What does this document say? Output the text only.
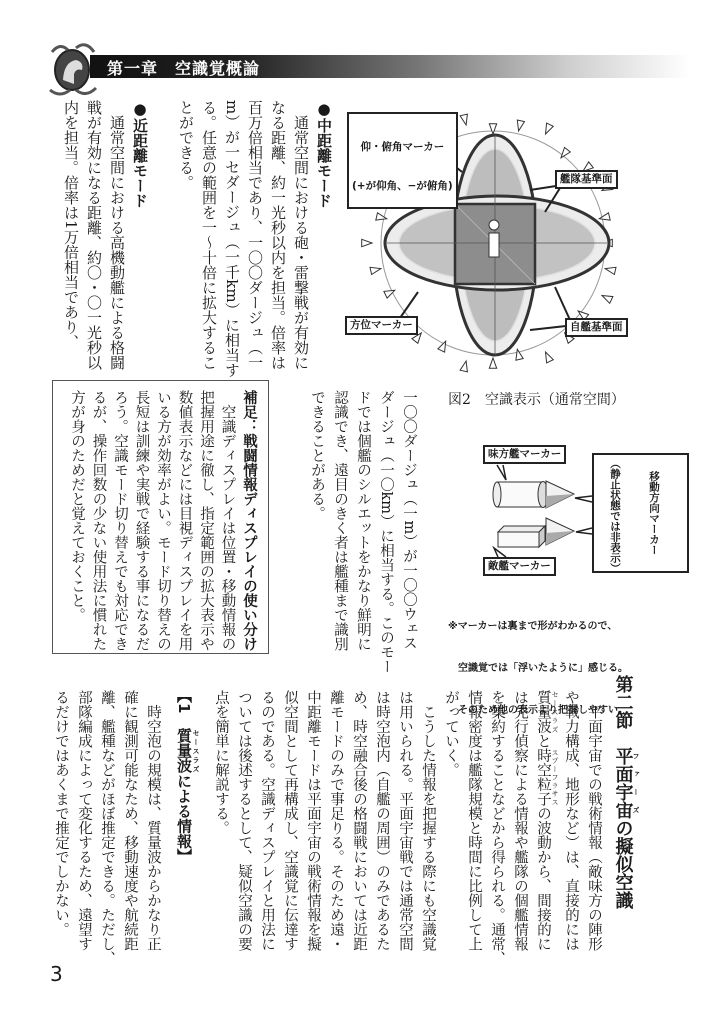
第一章　空識覚概論
●中距離モード
　通常空間における砲・雷撃戦が有効に
なる距離、約一光秒以内を担当。倍率は
百万倍相当であり、一〇〇ダージュ（一
m）が一セダージュ（一千km）に相当す
る。任意の範囲を一～十倍に拡大するこ
とができる。

●近距離モード
　通常空間における高機動艦による格闘
戦が有効になる距離、約〇・〇一光秒以
内を担当。倍率は1万倍相当であり、
一〇〇ダージュ（一m）が一〇〇ウェス
ダージュ（一〇km）に相当する。このモー
ドでは個艦のシルエットをかなり鮮明に
認識でき、遠目のきく者は艦種まで識別
できることがある。
補足：戦闘情報ディスプレイの使い分け
　空識ディスプレイは位置・移動情報の
把握用途に徹し、指定範囲の拡大表示や
数値表示などには目視ディスプレイを用
いる方が効率がよい。モード切り替えの
長短は訓練や実戦で経験する事になるだ
ろう。空識モード切り替えでも対応でき
るが、操作回数の少ない使用法に慣れた
方が身のためだと覚えておくこと。

仰・俯角マーカー

(+が仰角、−が俯角)

艦隊基準面
方位マーカー	自艦基準面
図2　空識表示（通常空間）
味方艦マーカー
敵艦マーカー

移動方向マーカー

（静止状態では非表示）

※マーカーは裏まで形がわかるので、

　空識覚では「浮いたように」感じる。

　そのため他の表示より把握しやすい。

第二節　平面宇宙ファーズの擬似空識
　平面宇宙での戦術情報（敵味方の陣形
や戦力構成、地形など）は、直接的には
質量波 セースラズと時空粒子 スプーフラサスの波動から、間接的に
は先行偵察による情報や艦隊の個艦情報
を集約することなどから得られる。通常、
情報密度は艦隊規模と時間に比例して上
がっていく。
　こうした情報を把握する際にも空識覚
は用いられる。平面宇宙戦では通常空間
は時空泡内（自艦の周囲）のみであるた
め、時空融合後の格闘戦においては近距
離モードのみで事足りる。そのため遠・
中距離モードは平面宇宙の戦術情報を擬
似空間として再構成し、空識覚に伝達す
るのである。空識ディスプレイと用法に
ついては後述するとして、疑似空識の要
点を簡単に解説する。
【1　質量波 セースラズによる情報】
　時空泡の規模は、質量波からかなり正
確に観測可能なため、移動速度や航続距
離、艦種などがほぼ推定できる。ただし、
部隊編成によって変化するため、遠望す
るだけではあくまで推定でしかない。
3
